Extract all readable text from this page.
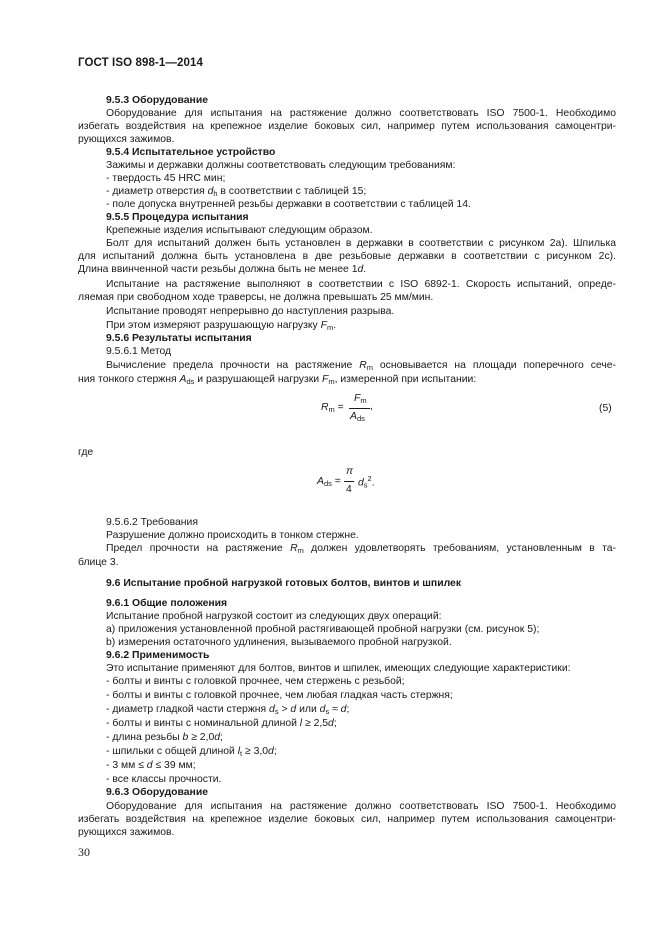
ГОСТ ISO 898-1—2014
9.5.3 Оборудование
Оборудование для испытания на растяжение должно соответствовать ISO 7500-1. Необходимо
избегать воздействия на крепежное изделие боковых сил, например путем использования самоцентри-
рующихся зажимов.
9.5.4 Испытательное устройство
Зажимы и державки должны соответствовать следующим требованиям:
- твердость 45 HRC мин;
- диаметр отверстия $d_h$ в соответствии с таблицей 15;
- поле допуска внутренней резьбы державки в соответствии с таблицей 14.
9.5.5 Процедура испытания
Крепежные изделия испытывают следующим образом.
Болт для испытаний должен быть установлен в державки в соответствии с рисунком 2а). Шпилька
для испытаний должна быть установлена в две резьбовые державки в соответствии с рисунком 2с).
Длина ввинченной части резьбы должна быть не менее 1d.
Испытание на растяжение выполняют в соответствии с ISO 6892-1. Скорость испытаний, опреде-
ляемая при свободном ходе траверсы, не должна превышать 25 мм/мин.
Испытание проводят непрерывно до наступления разрыва.
При этом измеряют разрушающую нагрузку $F_m$.
9.5.6 Результаты испытания
9.5.6.1 Метод
Вычисление предела прочности на растяжение $R_m$ основывается на площади поперечного сече-
ния тонкого стержня $A_{ds}$ и разрушающей нагрузки $F_m$, измеренной при испытании:
$R_m$ =
$F_m$
$A_{ds}$
,	(5)
где
$A_{ds}$ =
π
4
$d_s^2$.
9.5.6.2 Требования
Разрушение должно происходить в тонком стержне.
Предел прочности на растяжение $R_m$ должен удовлетворять требованиям, установленным в та-
блице 3.
9.6 Испытание пробной нагрузкой готовых болтов, винтов и шпилек
9.6.1 Общие положения
Испытание пробной нагрузкой состоит из следующих двух операций:
a) приложения установленной пробной растягивающей пробной нагрузки (см. рисунок 5);
b) измерения остаточного удлинения, вызываемого пробной нагрузкой.
9.6.2 Применимость
Это испытание применяют для болтов, винтов и шпилек, имеющих следующие характеристики:
- болты и винты с головкой прочнее, чем стержень с резьбой;
- болты и винты с головкой прочнее, чем любая гладкая часть стержня;
- диаметр гладкой части стержня $d_s > d$ или $d_s \approx d$;
- болты и винты с номинальной длиной l ≥ 2,5d;
- длина резьбы b ≥ 2,0d;
- шпильки с общей длиной $l_t \ge 3,0d$;
- 3 мм ≤ d ≤ 39 мм;
- все классы прочности.
9.6.3 Оборудование
Оборудование для испытания на растяжение должно соответствовать ISO 7500-1. Необходимо
избегать воздействия на крепежное изделие боковых сил, например путем использования самоцентри-
рующихся зажимов.
30
